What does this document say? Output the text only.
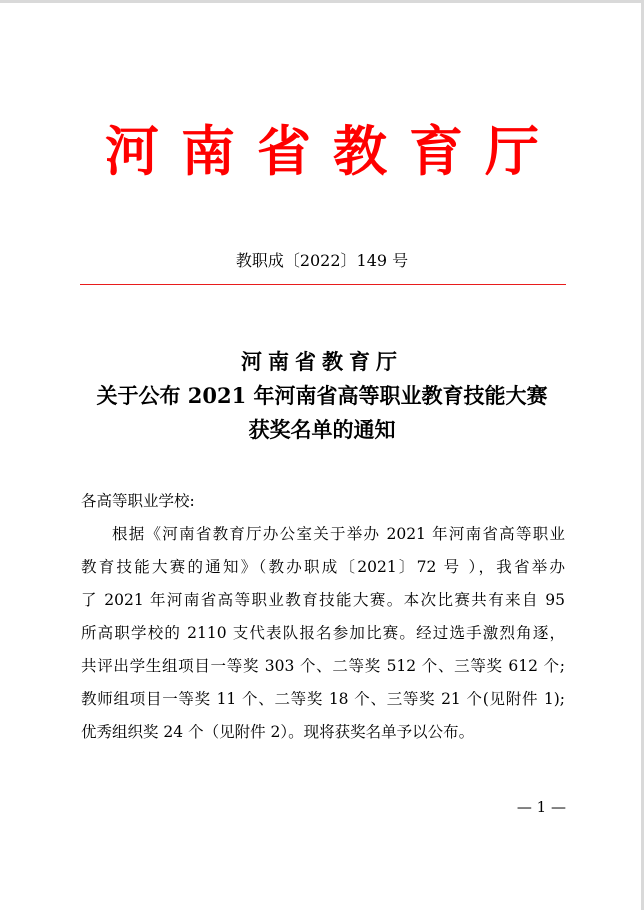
河南省教育厅
教职成〔2022〕149 号
河南省教育厅
关于公布 2021 年河南省高等职业教育技能大赛
获奖名单的通知
各高等职业学校:
根据《河南省教育厅办公室关于举办 2021 年河南省高等职业
教育技能大赛的通知》（教办职成〔2021〕72 号 ），我省举办
了 2021 年河南省高等职业教育技能大赛。本次比赛共有来自 95
所高职学校的 2110 支代表队报名参加比赛。经过选手激烈角逐，
共评出学生组项目一等奖 303 个、二等奖 512 个、三等奖 612 个;
教师组项目一等奖 11 个、二等奖 18 个、三等奖 21 个(见附件 1);
优秀组织奖 24 个（见附件 2）。现将获奖名单予以公布。
— 1 —
